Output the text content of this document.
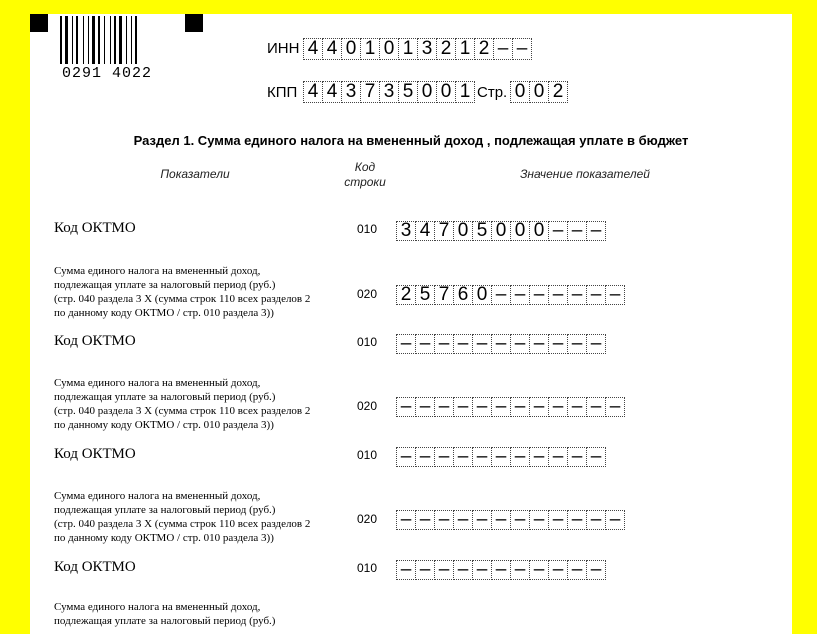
0291 4022
ИНН 4 4 0 1 0 1 3 2 1 2 – –
КПП 4 4 3 7 3 5 0 0 1 Стр. 0 0 2
Раздел 1. Сумма единого налога на вмененный доход , подлежащая уплате в бюджет
Показатели	Код
строки
Значение показателей
Код ОКТМО	010 3 4 7 0 5 0 0 0 – – –
Сумма единого налога на вмененный доход,
подлежащая уплате за налоговый период (руб.)
(стр. 040 раздела 3 X (сумма строк 110 всех разделов 2
по данному коду ОКТМО / стр. 010 раздела 3))
020 2 5 7 6 0 – – – – – – –
Код ОКТМО	010 – – – – – – – – – – –
Сумма единого налога на вмененный доход,
подлежащая уплате за налоговый период (руб.)
(стр. 040 раздела 3 X (сумма строк 110 всех разделов 2
по данному коду ОКТМО / стр. 010 раздела 3))
020 – – – – – – – – – – – –
Код ОКТМО	010 – – – – – – – – – – –
Сумма единого налога на вмененный доход,
подлежащая уплате за налоговый период (руб.)
(стр. 040 раздела 3 X (сумма строк 110 всех разделов 2
по данному коду ОКТМО / стр. 010 раздела 3))
020 – – – – – – – – – – – –
Код ОКТМО	010 – – – – – – – – – – –
Сумма единого налога на вмененный доход,
подлежащая уплате за налоговый период (руб.)
